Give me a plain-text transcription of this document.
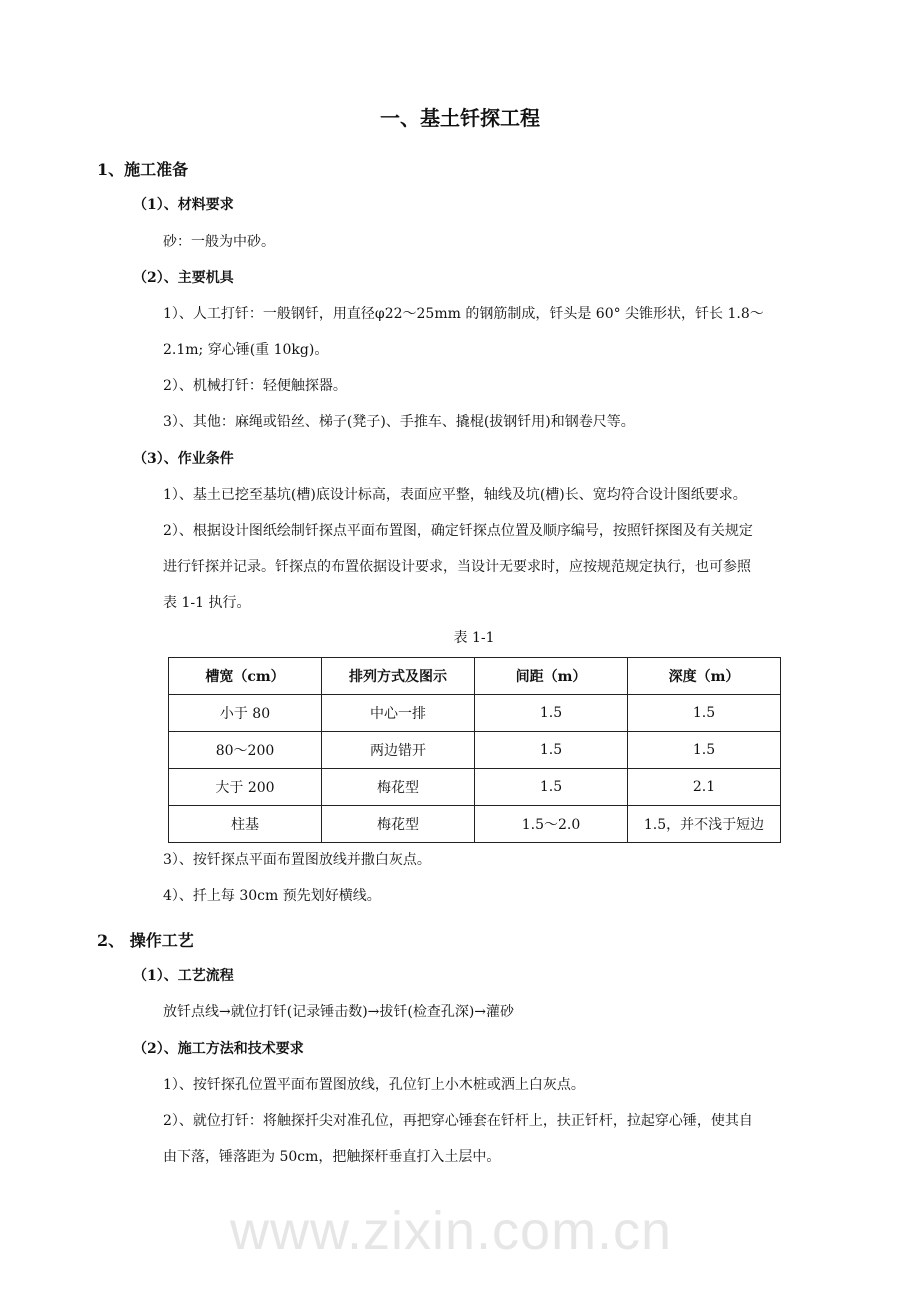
www.zixin.com.cn
一、基土钎探工程
1、施工准备
（1）、材料要求
砂：一般为中砂。
（2）、主要机具
1）、人工打钎：一般钢钎，用直径φ22～25mm 的钢筋制成，钎头是 60° 尖锥形状，钎长 1.8～
2.1m; 穿心锤(重 10kg)。
2）、机械打钎：轻便触探器。
3）、其他：麻绳或铅丝、梯子(凳子)、手推车、撬棍(拔钢钎用)和钢卷尺等。
（3）、作业条件
1）、基土已挖至基坑(槽)底设计标高，表面应平整，轴线及坑(槽)长、宽均符合设计图纸要求。
2）、根据设计图纸绘制钎探点平面布置图，确定钎探点位置及顺序编号，按照钎探图及有关规定
进行钎探并记录。钎探点的布置依据设计要求，当设计无要求时，应按规范规定执行，也可参照
表 1-1 执行。
表 1-1
槽宽（cm）	排列方式及图示	间距（m）	深度（m）
小于 80	中心一排	1.5	1.5
80～200	两边错开	1.5	1.5
大于 200	梅花型	1.5	2.1
柱基	梅花型	1.5～2.0	1.5，并不浅于短边
3）、按钎探点平面布置图放线并撒白灰点。
4）、扦上每 30cm 预先划好横线。
2、 操作工艺
（1）、工艺流程
放钎点线→就位打钎(记录锤击数)→拔钎(检查孔深)→灌砂
（2）、施工方法和技术要求
1）、按钎探孔位置平面布置图放线，孔位钉上小木桩或洒上白灰点。
2）、就位打钎：将触探扦尖对准孔位，再把穿心锤套在钎杆上，扶正钎杆，拉起穿心锤，使其自
由下落，锤落距为 50cm，把触探杆垂直打入土层中。
